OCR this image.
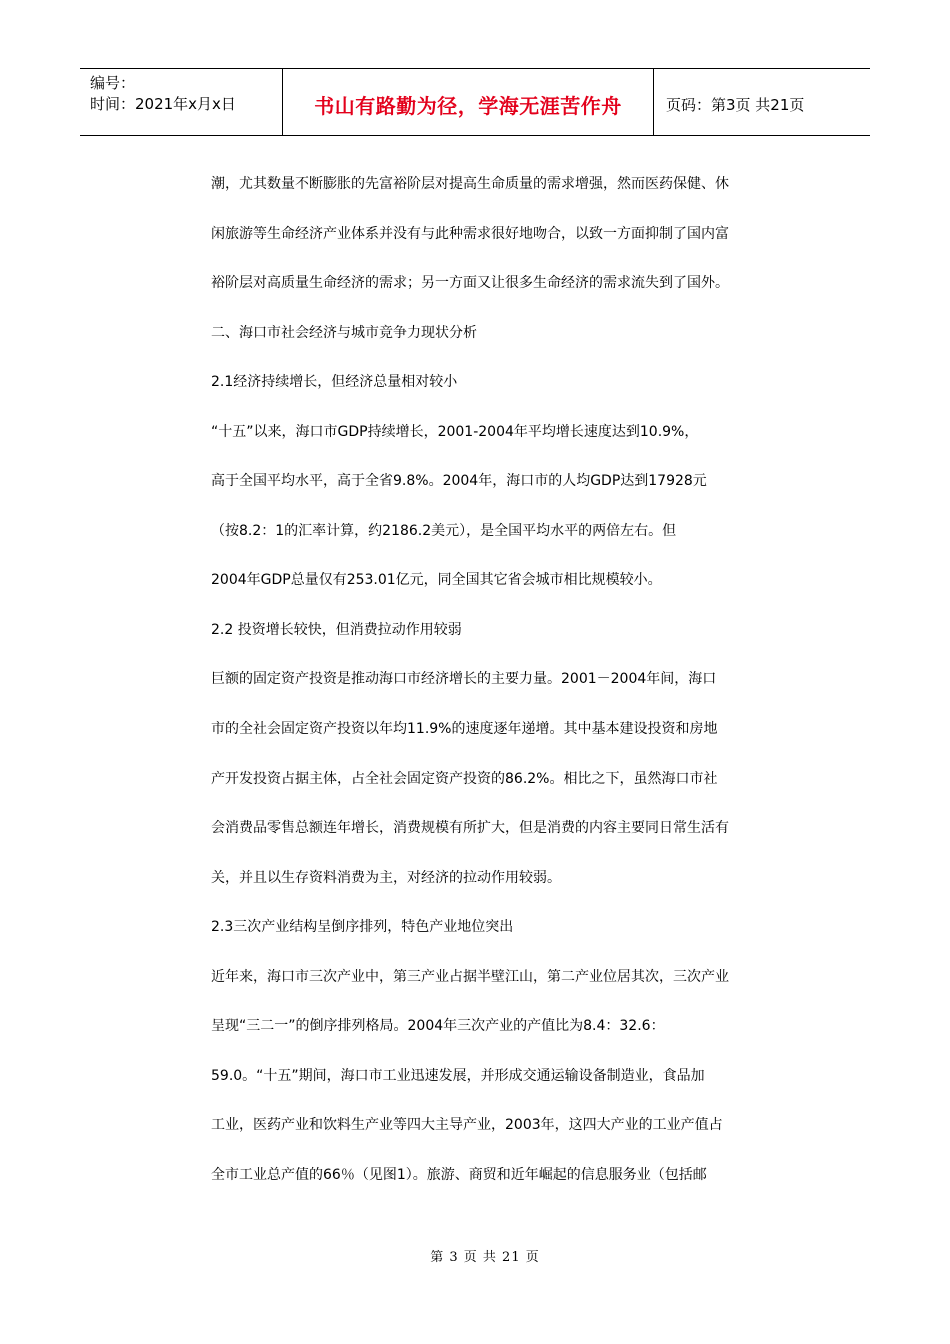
编号：
时间：2021年x月x日	书山有路勤为径，学海无涯苦作舟	页码：第3页 共21页
潮，尤其数量不断膨胀的先富裕阶层对提高生命质量的需求增强，然而医药保健、休
闲旅游等生命经济产业体系并没有与此种需求很好地吻合，以致一方面抑制了国内富
裕阶层对高质量生命经济的需求；另一方面又让很多生命经济的需求流失到了国外。
二、海口市社会经济与城市竞争力现状分析
2.1经济持续增长，但经济总量相对较小
“十五”以来，海口市GDP持续增长，2001-2004年平均增长速度达到10.9%，
高于全国平均水平，高于全省9.8%。2004年，海口市的人均GDP达到17928元
（按8.2：1的汇率计算，约2186.2美元），是全国平均水平的两倍左右。但
2004年GDP总量仅有253.01亿元，同全国其它省会城市相比规模较小。
2.2 投资增长较快，但消费拉动作用较弱
巨额的固定资产投资是推动海口市经济增长的主要力量。2001－2004年间，海口
市的全社会固定资产投资以年均11.9%的速度逐年递增。其中基本建设投资和房地
产开发投资占据主体，占全社会固定资产投资的86.2%。相比之下，虽然海口市社
会消费品零售总额连年增长，消费规模有所扩大，但是消费的内容主要同日常生活有
关，并且以生存资料消费为主，对经济的拉动作用较弱。
2.3三次产业结构呈倒序排列，特色产业地位突出
近年来，海口市三次产业中，第三产业占据半壁江山，第二产业位居其次，三次产业
呈现“三二一”的倒序排列格局。2004年三次产业的产值比为8.4：32.6：
59.0。“十五”期间，海口市工业迅速发展，并形成交通运输设备制造业，食品加
工业，医药产业和饮料生产业等四大主导产业，2003年，这四大产业的工业产值占
全市工业总产值的66％（见图1）。旅游、商贸和近年崛起的信息服务业（包括邮
第 3 页 共 21 页
